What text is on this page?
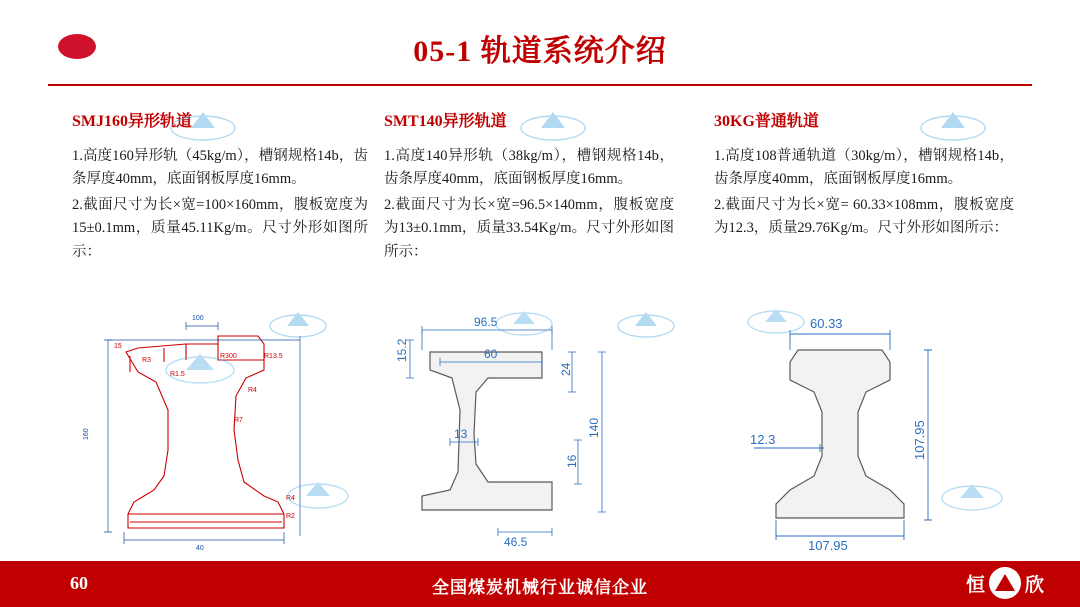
05-1 轨道系统介绍
SMJ160异形轨道

1.高度160异形轨（45kg/m），槽钢规格14b，齿条厚度40mm，底面钢板厚度16mm。

2.截面尺寸为长×宽=100×160mm，腹板宽度为15±0.1mm，质量45.11Kg/m。尺寸外形如图所示：

SMT140异形轨道

1.高度140异形轨（38kg/m），槽钢规格14b，齿条厚度40mm，底面钢板厚度16mm。

2.截面尺寸为长×宽=96.5×140mm，腹板宽度为13±0.1mm，质量33.54Kg/m。尺寸外形如图所示：

30KG普通轨道

1.高度108普通轨道（30kg/m），槽钢规格14b，齿条厚度40mm，底面钢板厚度16mm。

2.截面尺寸为长×宽= 60.33×108mm，腹板宽度为12.3，质量29.76Kg/m。尺寸外形如图所示：

160
100
40
R3
R1.5
R300	R13.5
R4
R7
R4
R2
15
96.5
60
15.2
24
140
16
13
46.5
60.33
107.95
12.3
107.95
60	全国煤炭机械行业诚信企业	恒 欣
